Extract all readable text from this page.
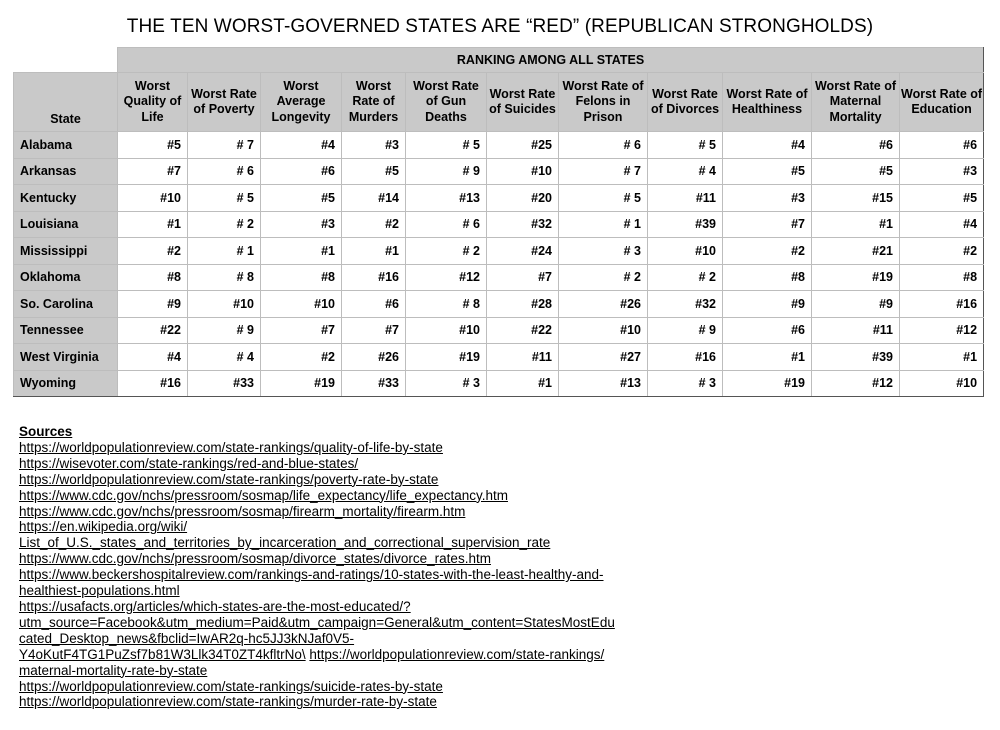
THE TEN WORST-GOVERNED STATES ARE “RED” (REPUBLICAN STRONGHOLDS)
	RANKING AMONG ALL STATES										
State	Worst Quality of Life	Worst Rate of Poverty	Worst Average Longevity	Worst Rate of Murders	Worst Rate of Gun Deaths	Worst Rate of Suicides	Worst Rate of Felons in Prison	Worst Rate of Divorces	Worst Rate of Healthiness	Worst Rate of Maternal Mortality	Worst Rate of Education
Alabama	#5	# 7	#4	#3	# 5	#25	# 6	# 5	#4	#6	#6
Arkansas	#7	# 6	#6	#5	# 9	#10	# 7	# 4	#5	#5	#3
Kentucky	#10	# 5	#5	#14	#13	#20	# 5	#11	#3	#15	#5
Louisiana	#1	# 2	#3	#2	# 6	#32	# 1	#39	#7	#1	#4
Mississippi	#2	# 1	#1	#1	# 2	#24	# 3	#10	#2	#21	#2
Oklahoma	#8	# 8	#8	#16	#12	#7	# 2	# 2	#8	#19	#8
So. Carolina	#9	#10	#10	#6	# 8	#28	#26	#32	#9	#9	#16
Tennessee	#22	# 9	#7	#7	#10	#22	#10	# 9	#6	#11	#12
West Virginia	#4	# 4	#2	#26	#19	#11	#27	#16	#1	#39	#1
Wyoming	#16	#33	#19	#33	# 3	#1	#13	# 3	#19	#12	#10
Sources
https://worldpopulationreview.com/state-rankings/quality-of-life-by-state
https://wisevoter.com/state-rankings/red-and-blue-states/
https://worldpopulationreview.com/state-rankings/poverty-rate-by-state
https://www.cdc.gov/nchs/pressroom/sosmap/life_expectancy/life_expectancy.htm
https://www.cdc.gov/nchs/pressroom/sosmap/firearm_mortality/firearm.htm
https://en.wikipedia.org/wiki/
List_of_U.S._states_and_territories_by_incarceration_and_correctional_supervision_rate
https://www.cdc.gov/nchs/pressroom/sosmap/divorce_states/divorce_rates.htm
https://www.beckershospitalreview.com/rankings-and-ratings/10-states-with-the-least-healthy-and-
healthiest-populations.html
https://usafacts.org/articles/which-states-are-the-most-educated/?
utm_source=Facebook&utm_medium=Paid&utm_campaign=General&utm_content=StatesMostEdu
cated_Desktop_news&fbclid=IwAR2q-hc5JJ3kNJaf0V5-
Y4oKutF4TG1PuZsf7b81W3Llk34T0ZT4kfltrNo\ https://worldpopulationreview.com/state-rankings/
maternal-mortality-rate-by-state
https://worldpopulationreview.com/state-rankings/suicide-rates-by-state
https://worldpopulationreview.com/state-rankings/murder-rate-by-state
